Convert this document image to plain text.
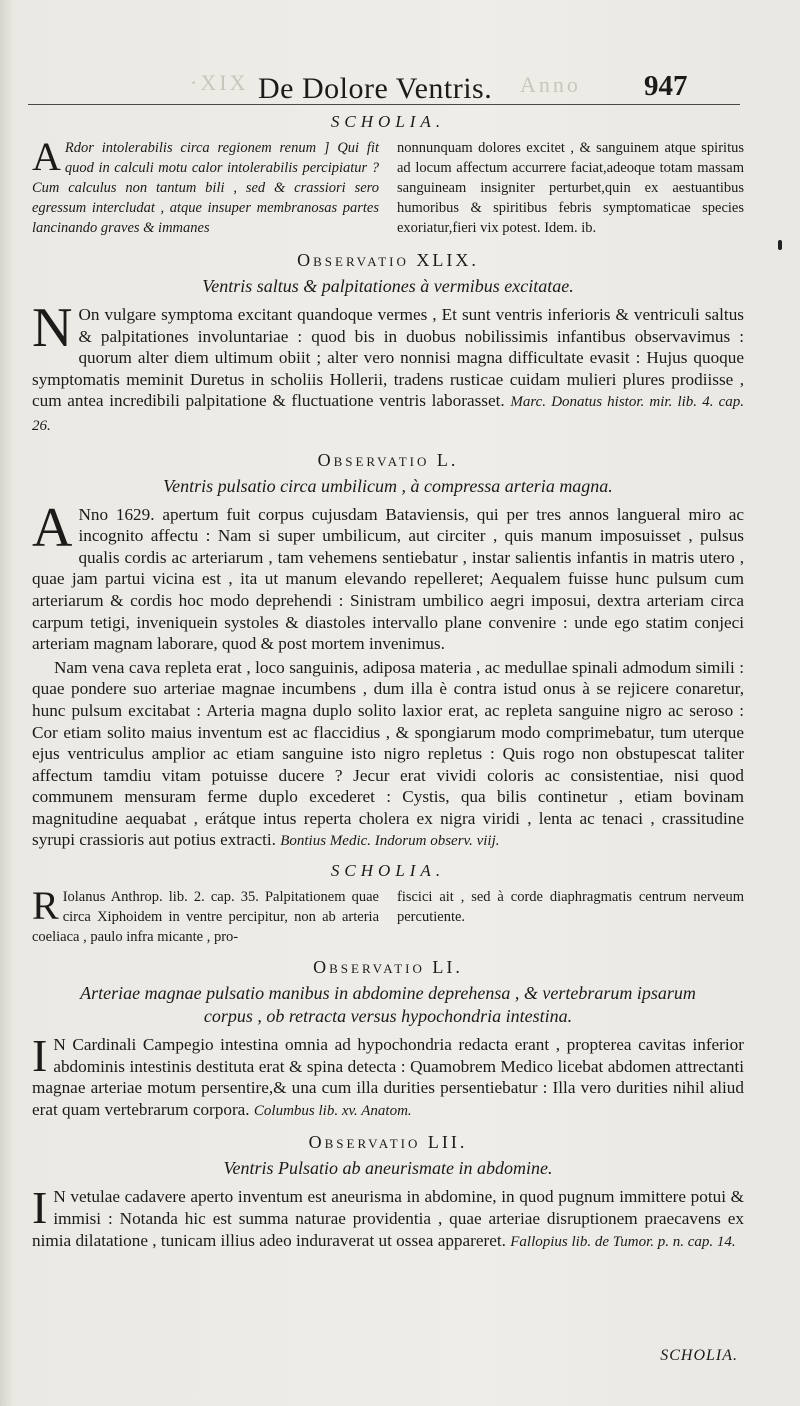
·XIX	Anno
De Dolore Ventris.	947
SCHOLIA.
A Rdor intolerabilis circa regionem renum ] Qui fit quod in calculi motu calor intolerabilis percipiatur ? Cum calculus non tantum bili , sed & crassiori sero egressum intercludat , atque insuper membranosas partes lancinando graves & immanes
nonnunquam dolores excitet , & sanguinem atque spiritus ad locum affectum accurrere faciat,adeoque totam massam sanguineam insigniter perturbet,quin ex aestuantibus humoribus & spiritibus febris symptomaticae species exoriatur,fieri vix potest. Idem. ib.
Observatio XLIX.
Ventris saltus & palpitationes à vermibus excitatae.
N On vulgare symptoma excitant quandoque vermes , Et sunt ventris inferioris & ventriculi saltus & palpitationes involuntariae : quod bis in duobus nobilissimis infantibus observavimus : quorum alter diem ultimum obiit ; alter vero nonnisi magna difficultate evasit : Hujus quoque symptomatis meminit Duretus in scholiis Hollerii, tradens rusticae cuidam mulieri plures prodiisse , cum antea incredibili palpitatione & fluctuatione ventris laborasset. Marc. Donatus histor. mir. lib. 4. cap. 26.
Observatio L.
Ventris pulsatio circa umbilicum , à compressa arteria magna.
A Nno 1629. apertum fuit corpus cujusdam Bataviensis, qui per tres annos langueral miro ac incognito affectu : Nam si super umbilicum, aut circiter , quis manum imposuisset , pulsus qualis cordis ac arteriarum , tam vehemens sentiebatur , instar salientis infantis in matris utero , quae jam partui vicina est , ita ut manum elevando repelleret; Aequalem fuisse hunc pulsum cum arteriarum & cordis hoc modo deprehendi : Sinistram umbilico aegri imposui, dextra arteriam circa carpum tetigi, inveniquein systoles & diastoles intervallo plane convenire : unde ego statim conjeci arteriam magnam laborare, quod & post mortem invenimus.
Nam vena cava repleta erat , loco sanguinis, adiposa materia , ac medullae spinali admodum simili : quae pondere suo arteriae magnae incumbens , dum illa è contra istud onus à se rejicere conaretur, hunc pulsum excitabat : Arteria magna duplo solito laxior erat, ac repleta sanguine nigro ac seroso : Cor etiam solito maius inventum est ac flaccidius , & spongiarum modo comprimebatur, tum uterque ejus ventriculus amplior ac etiam sanguine isto nigro repletus : Quis rogo non obstupescat taliter affectum tamdiu vitam potuisse ducere ? Jecur erat vividi coloris ac consistentiae, nisi quod communem mensuram ferme duplo excederet : Cystis, qua bilis continetur , etiam bovinam magnitudine aequabat , erátque intus reperta cholera ex nigra viridi , lenta ac tenaci , crassitudine syrupi crassioris aut potius extracti. Bontius Medic. Indorum observ. viij.
SCHOLIA.
R Iolanus Anthrop. lib. 2. cap. 35. Palpitationem quae circa Xiphoidem in ventre percipitur, non ab arteria coeliaca , paulo infra micante , pro-
fiscici ait , sed à corde diaphragmatis centrum nerveum percutiente.
Observatio LI.
Arteriae magnae pulsatio manibus in abdomine deprehensa , & vertebrarum ipsarum corpus , ob retracta versus hypochondria intestina.
I N Cardinali Campegio intestina omnia ad hypochondria redacta erant , propterea cavitas inferior abdominis intestinis destituta erat & spina detecta : Quamobrem Medico licebat abdomen attrectanti magnae arteriae motum persentire,& una cum illa durities persentiebatur : Illa vero durities nihil aliud erat quam vertebrarum corpora. Columbus lib. xv. Anatom.
Observatio LII.
Ventris Pulsatio ab aneurismate in abdomine.
I N vetulae cadavere aperto inventum est aneurisma in abdomine, in quod pugnum immittere potui & immisi : Notanda hic est summa naturae providentia , quae arteriae disruptionem praecavens ex nimia dilatatione , tunicam illius adeo induraverat ut ossea appareret. Fallopius lib. de Tumor. p. n. cap. 14.
SCHOLIA.
